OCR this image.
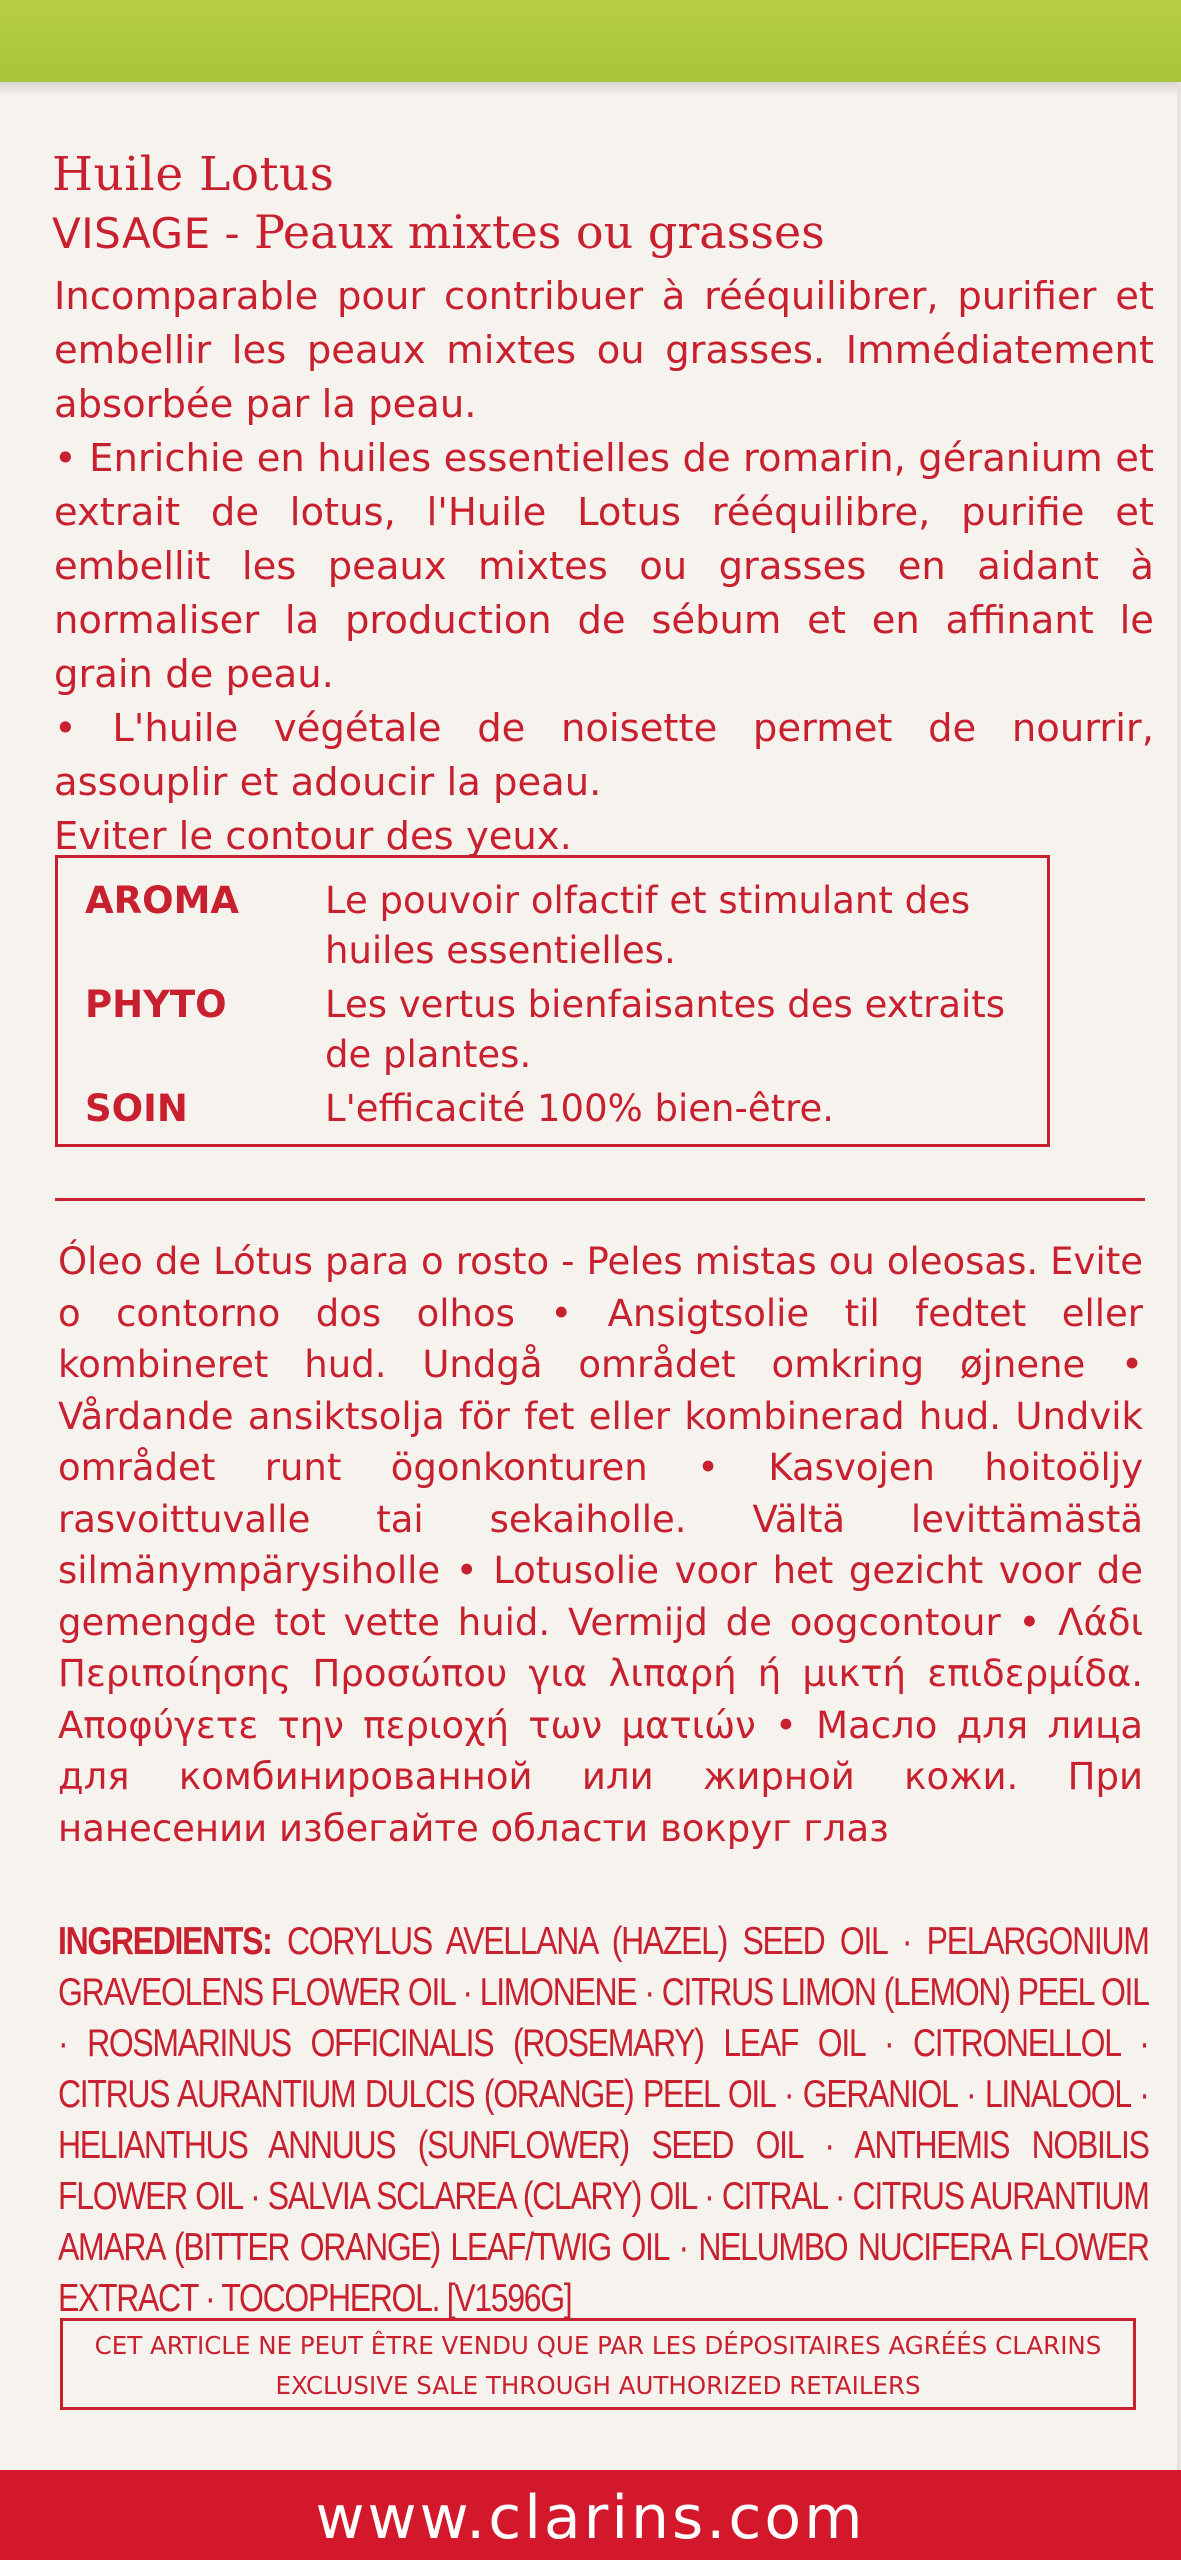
Huile Lotus
VISAGE - Peaux mixtes ou grasses

Incomparable pour contribuer à rééquilibrer, purifier et embellir les peaux mixtes ou grasses. Immédiatement absorbée par la peau.

• Enrichie en huiles essentielles de romarin, géranium et extrait de lotus, l'Huile Lotus rééquilibre, purifie et embellit les peaux mixtes ou grasses en aidant à normaliser la production de sébum et en affinant le grain de peau.

• L'huile végétale de noisette permet de nourrir, assouplir et adoucir la peau.

Eviter le contour des yeux.

AROMA	Le pouvoir olfactif et stimulant des huiles essentielles.
PHYTO	Les vertus bienfaisantes des extraits de plantes.
SOIN	L'efficacité 100% bien-être.
Óleo de Lótus para o rosto - Peles mistas ou oleosas. Evite o contorno dos olhos • Ansigtsolie til fedtet eller kombineret hud. Undgå området omkring øjnene • Vårdande ansiktsolja för fet eller kombinerad hud. Undvik området runt ögonkonturen • Kasvojen hoitoöljy rasvoittuvalle tai sekaiholle. Vältä levittämästä silmänympärysiholle • Lotusolie voor het gezicht voor de gemengde tot vette huid. Vermijd de oogcontour • Λάδι Περιποίησης Προσώπου για λιπαρή ή μικτή επιδερμίδα. Αποφύγετε την περιοχή των ματιών • Масло для лица для комбинированной или жирной кожи. При нанесении избегайте области вокруг глаз
INGREDIENTS: CORYLUS AVELLANA (HAZEL) SEED OIL · PELARGONIUM GRAVEOLENS FLOWER OIL · LIMONENE · CITRUS LIMON (LEMON) PEEL OIL · ROSMARINUS OFFICINALIS (ROSEMARY) LEAF OIL · CITRONELLOL · CITRUS AURANTIUM DULCIS (ORANGE) PEEL OIL · GERANIOL · LINALOOL · HELIANTHUS ANNUUS (SUNFLOWER) SEED OIL · ANTHEMIS NOBILIS FLOWER OIL · SALVIA SCLAREA (CLARY) OIL · CITRAL · CITRUS AURANTIUM AMARA (BITTER ORANGE) LEAF/TWIG OIL · NELUMBO NUCIFERA FLOWER EXTRACT · TOCOPHEROL. [V1596G]
CET ARTICLE NE PEUT ÊTRE VENDU QUE PAR LES DÉPOSITAIRES AGRÉÉS CLARINS
EXCLUSIVE SALE THROUGH AUTHORIZED RETAILERS
www.clarins.com
